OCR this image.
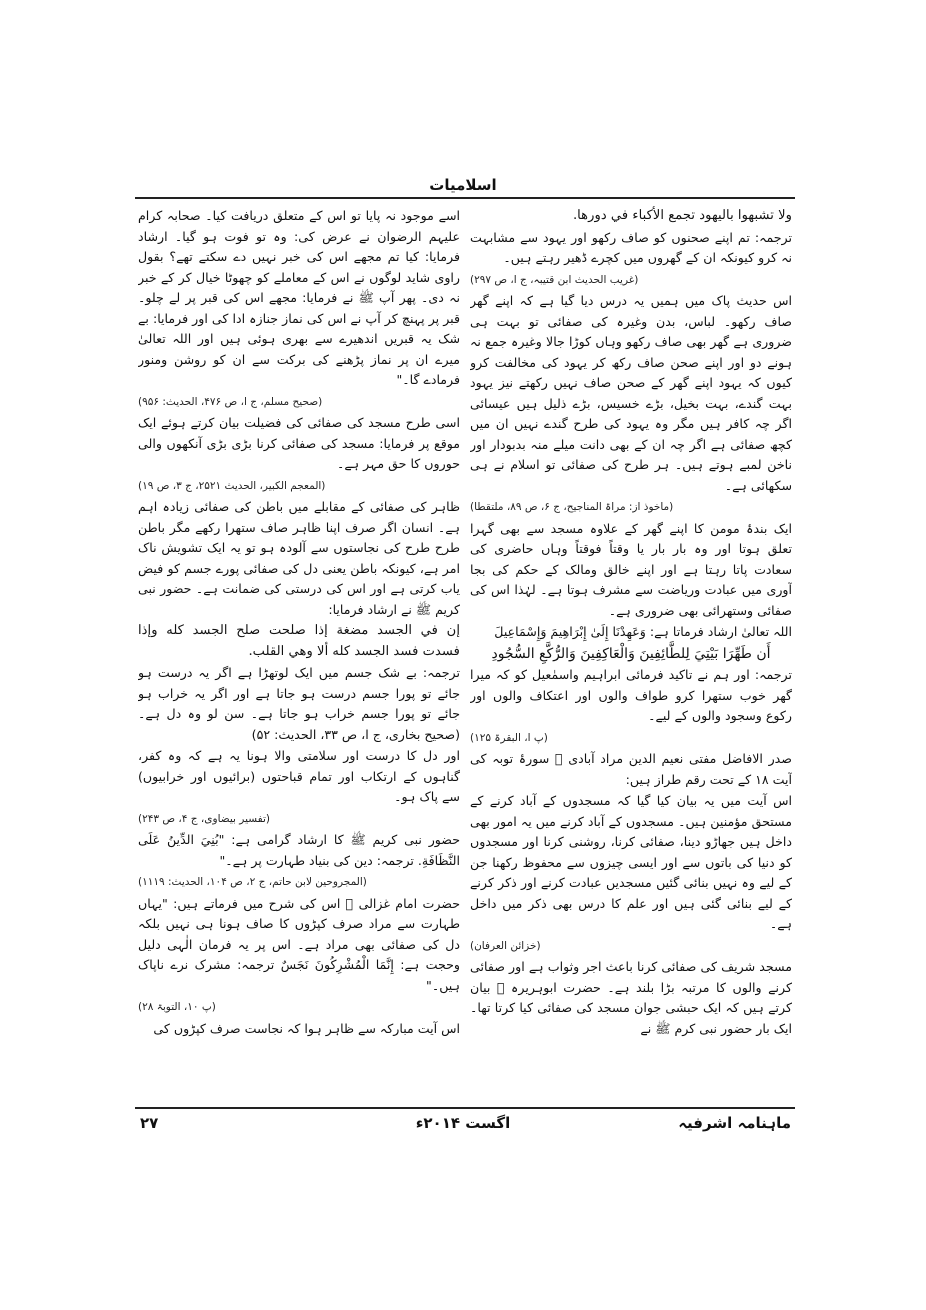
اسلامیات

ولا تشبهوا باليهود تجمع الأكباء في دورها.

ترجمہ: تم اپنے صحنوں کو صاف رکھو اور یہود سے مشابہت نہ کرو کیونکہ ان کے گھروں میں کچرے ڈھیر رہتے ہیں۔

(غریب الحدیث ابن قتیبہ، ج ا، ص ۲۹۷)

اس حدیث پاک میں ہمیں یہ درس دیا گیا ہے کہ اپنے گھر صاف رکھو۔ لباس، بدن وغیرہ کی صفائی تو بہت ہی ضروری ہے گھر بھی صاف رکھو وہاں کوڑا جالا وغیرہ جمع نہ ہونے دو اور اپنے صحن صاف رکھ کر یہود کی مخالفت کرو کیوں کہ یہود اپنے گھر کے صحن صاف نہیں رکھتے نیز یہود بہت گندے، بہت بخیل، بڑے خسیس، بڑے ذلیل ہیں عیسائی اگر چہ کافر ہیں مگر وہ یہود کی طرح گندے نہیں ان میں کچھ صفائی ہے اگر چہ ان کے بھی دانت میلے منہ بدبودار اور ناخن لمبے ہوتے ہیں۔ ہر طرح کی صفائی تو اسلام نے ہی سکھائی ہے۔

(ماخوذ از: مراۃ المناجیح، ج ۶، ص ۸۹، ملتقطا)

ایک بندۂ مومن کا اپنے گھر کے علاوہ مسجد سے بھی گہرا تعلق ہوتا اور وہ بار بار یا وقتاً فوقتاً وہاں حاضری کی سعادت پاتا رہتا ہے اور اپنے خالق ومالک کے حکم کی بجا آوری میں عبادت وریاضت سے مشرف ہوتا ہے۔ لہٰذا اس کی صفائی وستھرائی بھی ضروری ہے۔

اللہ تعالیٰ ارشاد فرماتا ہے: وَعَهِدْنَا إِلَىٰ إِبْرَاهِيمَ وَإِسْمَاعِيلَ

أَن طَهِّرَا بَيْتِيَ لِلطَّائِفِينَ وَالْعَاكِفِينَ وَالرُّكَّعِ السُّجُودِ

ترجمہ: اور ہم نے تاکید فرمائی ابراہیم واسمٰعیل کو کہ میرا گھر خوب ستھرا کرو طواف والوں اور اعتکاف والوں اور رکوع وسجود والوں کے لیے۔

(پ ا، البقرۃ ۱۲۵)

صدر الافاضل مفتی نعیم الدین مراد آبادی ﷫ سورۂ توبہ کی آیت ۱۸ کے تحت رقم طراز ہیں:

اس آیت میں یہ بیان کیا گیا کہ مسجدوں کے آباد کرنے کے مستحق مؤمنین ہیں۔ مسجدوں کے آباد کرنے میں یہ امور بھی داخل ہیں جھاڑو دینا، صفائی کرنا، روشنی کرنا اور مسجدوں کو دنیا کی باتوں سے اور ایسی چیزوں سے محفوظ رکھنا جن کے لیے وہ نہیں بنائی گئیں مسجدیں عبادت کرنے اور ذکر کرنے کے لیے بنائی گئی ہیں اور علم کا درس بھی ذکر میں داخل ہے۔

(خزائن العرفان)

مسجد شریف کی صفائی کرنا باعث اجر وثواب ہے اور صفائی کرنے والوں کا مرتبہ بڑا بلند ہے۔ حضرت ابوہریرہ ﷜ بیان کرتے ہیں کہ ایک حبشی جوان مسجد کی صفائی کیا کرتا تھا۔ ایک بار حضور نبی کرم ﷺ نے

اسے موجود نہ پایا تو اس کے متعلق دریافت کیا۔ صحابہ کرام علیہم الرضوان نے عرض کی: وہ تو فوت ہو گیا۔ ارشاد فرمایا: کیا تم مجھے اس کی خبر نہیں دے سکتے تھے؟ بقول راوی شاید لوگوں نے اس کے معاملے کو چھوٹا خیال کر کے خبر نہ دی۔ پھر آپ ﷺ نے فرمایا: مجھے اس کی قبر پر لے چلو۔ قبر پر پہنچ کر آپ نے اس کی نماز جنازہ ادا کی اور فرمایا: بے شک یہ قبریں اندھیرے سے بھری ہوئی ہیں اور اللہ تعالیٰ میرے ان پر نماز پڑھنے کی برکت سے ان کو روشن ومنور فرمادے گا۔"

(صحیح مسلم، ج ا، ص ۴۷۶، الحدیث: ۹۵۶)

اسی طرح مسجد کی صفائی کی فضیلت بیان کرتے ہوئے ایک موقع پر فرمایا: مسجد کی صفائی کرنا بڑی بڑی آنکھوں والی حوروں کا حق مہر ہے۔

(المعجم الکبیر، الحدیث ۲۵۲۱، ج ۳، ص ۱۹)

ظاہر کی صفائی کے مقابلے میں باطن کی صفائی زیادہ اہم ہے۔ انسان اگر صرف اپنا ظاہر صاف ستھرا رکھے مگر باطن طرح طرح کی نجاستوں سے آلودہ ہو تو یہ ایک تشویش ناک امر ہے، کیونکہ باطن یعنی دل کی صفائی پورے جسم کو فیض یاب کرتی ہے اور اس کی درستی کی ضمانت ہے۔ حضور نبی کریم ﷺ نے ارشاد فرمایا:

إن في الجسد مضغة إذا صلحت صلح الجسد كله وإذا فسدت فسد الجسد كله ألا وهي القلب.

ترجمہ: بے شک جسم میں ایک لوتھڑا ہے اگر یہ درست ہو جائے تو پورا جسم درست ہو جاتا ہے اور اگر یہ خراب ہو جائے تو پورا جسم خراب ہو جاتا ہے۔ سن لو وہ دل ہے۔ (صحیح بخاری، ج ا، ص ۳۳، الحدیث: ۵۲)

اور دل کا درست اور سلامتی والا ہونا یہ ہے کہ وہ کفر، گناہوں کے ارتکاب اور تمام قباحتوں (برائیوں اور خرابیوں) سے پاک ہو۔

(تفسیر بیضاوی، ج ۴، ص ۲۴۳)

حضور نبی کریم ﷺ کا ارشاد گرامی ہے: "بُنِيَ الدِّينُ عَلَى النَّظَافَةِ. ترجمہ: دین کی بنیاد طہارت پر ہے۔"

(المجروحین لابن حاتم، ج ۲، ص ۱۰۴، الحدیث: ۱۱۱۹)

حضرت امام غزالی ﷫ اس کی شرح میں فرماتے ہیں: "یہاں طہارت سے مراد صرف کپڑوں کا صاف ہونا ہی نہیں بلکہ دل کی صفائی بھی مراد ہے۔ اس پر یہ فرمان الٰہی دلیل وحجت ہے: إِنَّمَا الْمُشْرِكُونَ نَجَسٌ ترجمہ: مشرک نرے ناپاک ہیں۔"

(پ ۱۰، التوبۃ ۲۸)

اس آیت مبارکہ سے ظاہر ہوا کہ نجاست صرف کپڑوں کی

ماہنامہ اشرفیہ
اگست ۲۰۱۴ء
۲۷
